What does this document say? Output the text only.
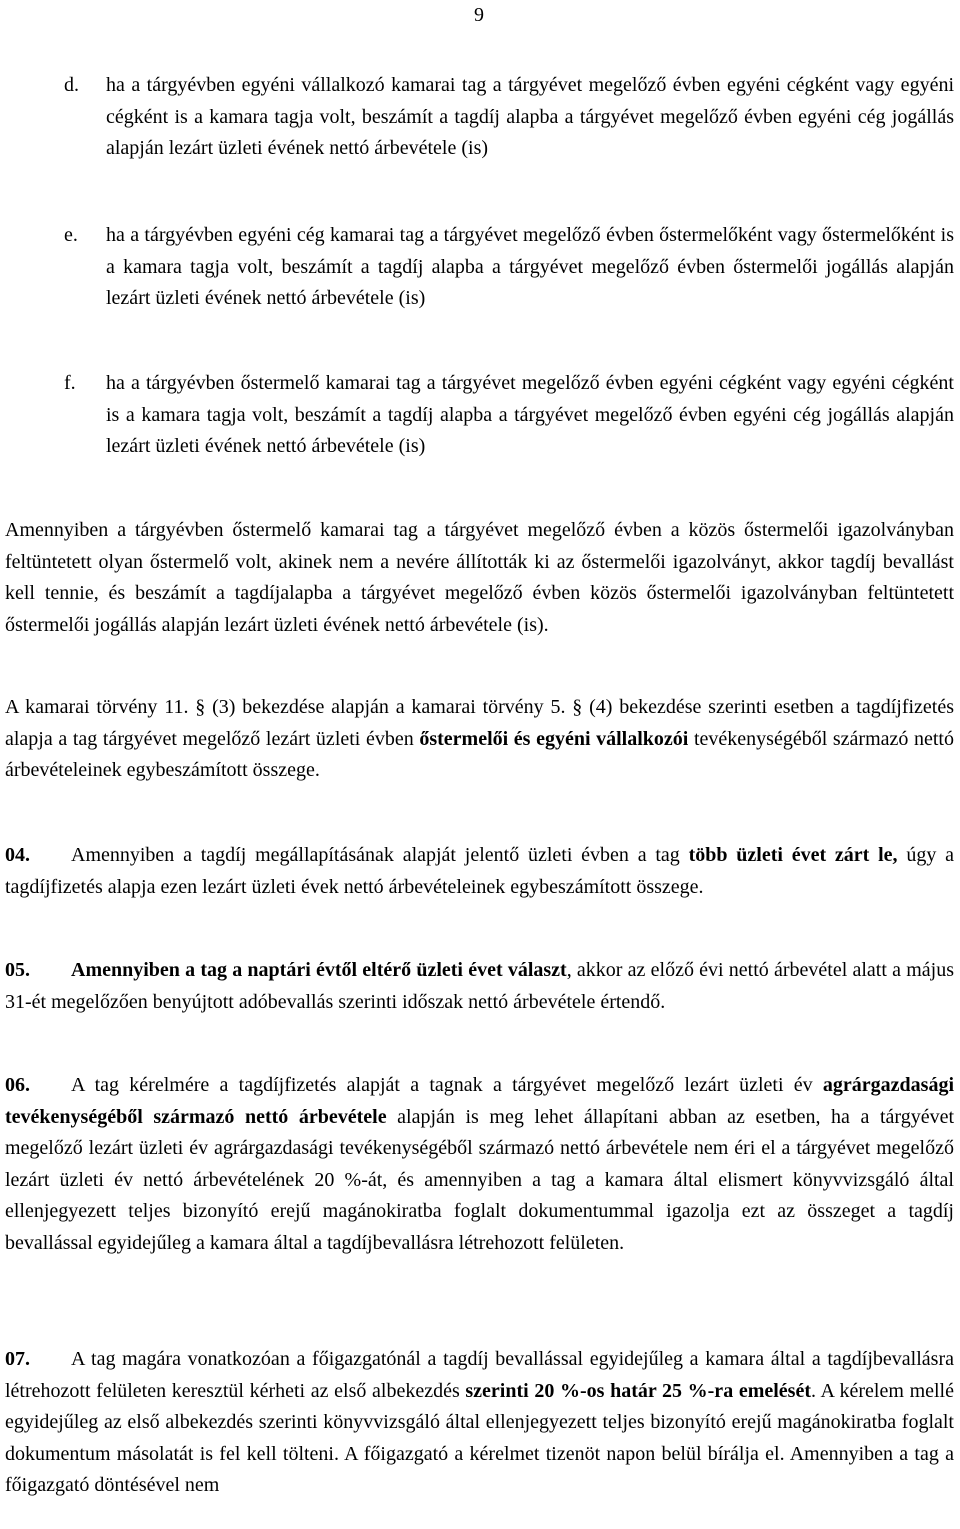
9
d. ha a tárgyévben egyéni vállalkozó kamarai tag a tárgyévet megelőző évben egyéni cégként vagy egyéni cégként is a kamara tagja volt, beszámít a tagdíj alapba a tárgyévet megelőző évben egyéni cég jogállás alapján lezárt üzleti évének nettó árbevétele (is)
e. ha a tárgyévben egyéni cég kamarai tag a tárgyévet megelőző évben őstermelőként vagy őstermelőként is a kamara tagja volt, beszámít a tagdíj alapba a tárgyévet megelőző évben őstermelői jogállás alapján lezárt üzleti évének nettó árbevétele (is)
f. ha a tárgyévben őstermelő kamarai tag a tárgyévet megelőző évben egyéni cégként vagy egyéni cégként is a kamara tagja volt, beszámít a tagdíj alapba a tárgyévet megelőző évben egyéni cég jogállás alapján lezárt üzleti évének nettó árbevétele (is)

Amennyiben a tárgyévben őstermelő kamarai tag a tárgyévet megelőző évben a közös őstermelői igazolványban feltüntetett olyan őstermelő volt, akinek nem a nevére állították ki az őstermelői igazolványt, akkor tagdíj bevallást kell tennie, és beszámít a tagdíjalapba a tárgyévet megelőző évben közös őstermelői igazolványban feltüntetett őstermelői jogállás alapján lezárt üzleti évének nettó árbevétele (is).

A kamarai törvény 11. § (3) bekezdése alapján a kamarai törvény 5. § (4) bekezdése szerinti esetben a tagdíjfizetés alapja a tag tárgyévet megelőző lezárt üzleti évben őstermelői és egyéni vállalkozói tevékenységéből származó nettó árbevételeinek egybeszámított összege.

04. Amennyiben a tagdíj megállapításának alapját jelentő üzleti évben a tag több üzleti évet zárt le, úgy a tagdíjfizetés alapja ezen lezárt üzleti évek nettó árbevételeinek egybeszámított összege.

05. Amennyiben a tag a naptári évtől eltérő üzleti évet választ, akkor az előző évi nettó árbevétel alatt a május 31-ét megelőzően benyújtott adóbevallás szerinti időszak nettó árbevétele értendő.

06. A tag kérelmére a tagdíjfizetés alapját a tagnak a tárgyévet megelőző lezárt üzleti év agrárgazdasági tevékenységéből származó nettó árbevétele alapján is meg lehet állapítani abban az esetben, ha a tárgyévet megelőző lezárt üzleti év agrárgazdasági tevékenységéből származó nettó árbevétele nem éri el a tárgyévet megelőző lezárt üzleti év nettó árbevételének 20 %-át, és amennyiben a tag a kamara által elismert könyvvizsgáló által ellenjegyezett teljes bizonyító erejű magánokiratba foglalt dokumentummal igazolja ezt az összeget a tagdíj bevallással egyidejűleg a kamara által a tagdíjbevallásra létrehozott felületen.

07. A tag magára vonatkozóan a főigazgatónál a tagdíj bevallással egyidejűleg a kamara által a tagdíjbevallásra létrehozott felületen keresztül kérheti az első albekezdés szerinti 20 %-os határ 25 %-ra emelését. A kérelem mellé egyidejűleg az első albekezdés szerinti könyvvizsgáló által ellenjegyezett teljes bizonyító erejű magánokiratba foglalt dokumentum másolatát is fel kell tölteni. A főigazgató a kérelmet tizenöt napon belül bírálja el. Amennyiben a tag a főigazgató döntésével nem
